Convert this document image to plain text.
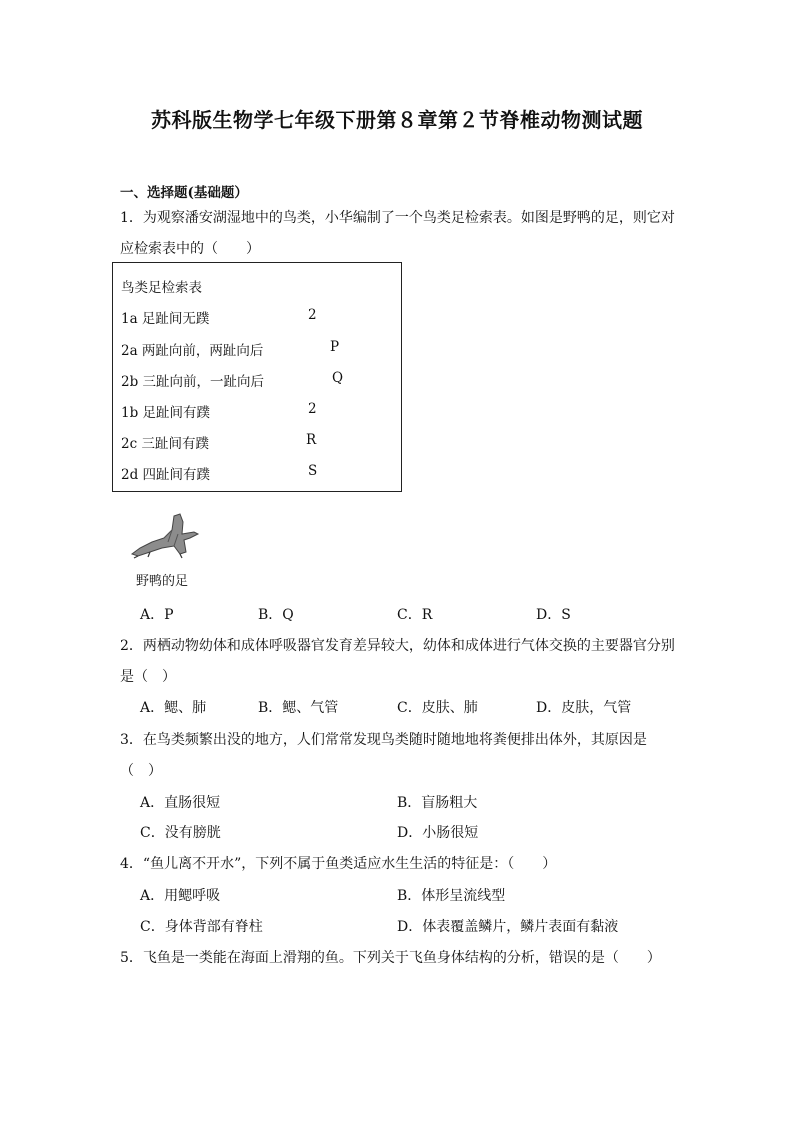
苏科版生物学七年级下册第８章第２节脊椎动物测试题
一、选择题(基础题）
1．为观察潘安湖湿地中的鸟类，小华编制了一个鸟类足检索表。如图是野鸭的足，则它对
应检索表中的（　　）
鸟类足检索表
1a 足趾间无蹼	2
2a 两趾向前，两趾向后	P
2b 三趾向前，一趾向后	Q
1b 足趾间有蹼	2
2c 三趾间有蹼	R
2d 四趾间有蹼	S
野鸭的足
A．P	B．Q	C．R	D．S
2．两栖动物幼体和成体呼吸器官发育差异较大，幼体和成体进行气体交换的主要器官分别
是（　）
A．鳃、肺	B．鳃、气管	C．皮肤、肺	D．皮肤，气管
3．在鸟类频繁出没的地方，人们常常发现鸟类随时随地地将粪便排出体外，其原因是
（　）
A．直肠很短	B．盲肠粗大
C．没有膀胱	D．小肠很短
4．“鱼儿离不开水”，下列不属于鱼类适应水生生活的特征是：（　　）
A．用鳃呼吸	B．体形呈流线型
C．身体背部有脊柱	D．体表覆盖鳞片，鳞片表面有黏液
5．飞鱼是一类能在海面上滑翔的鱼。下列关于飞鱼身体结构的分析，错误的是（　　）
